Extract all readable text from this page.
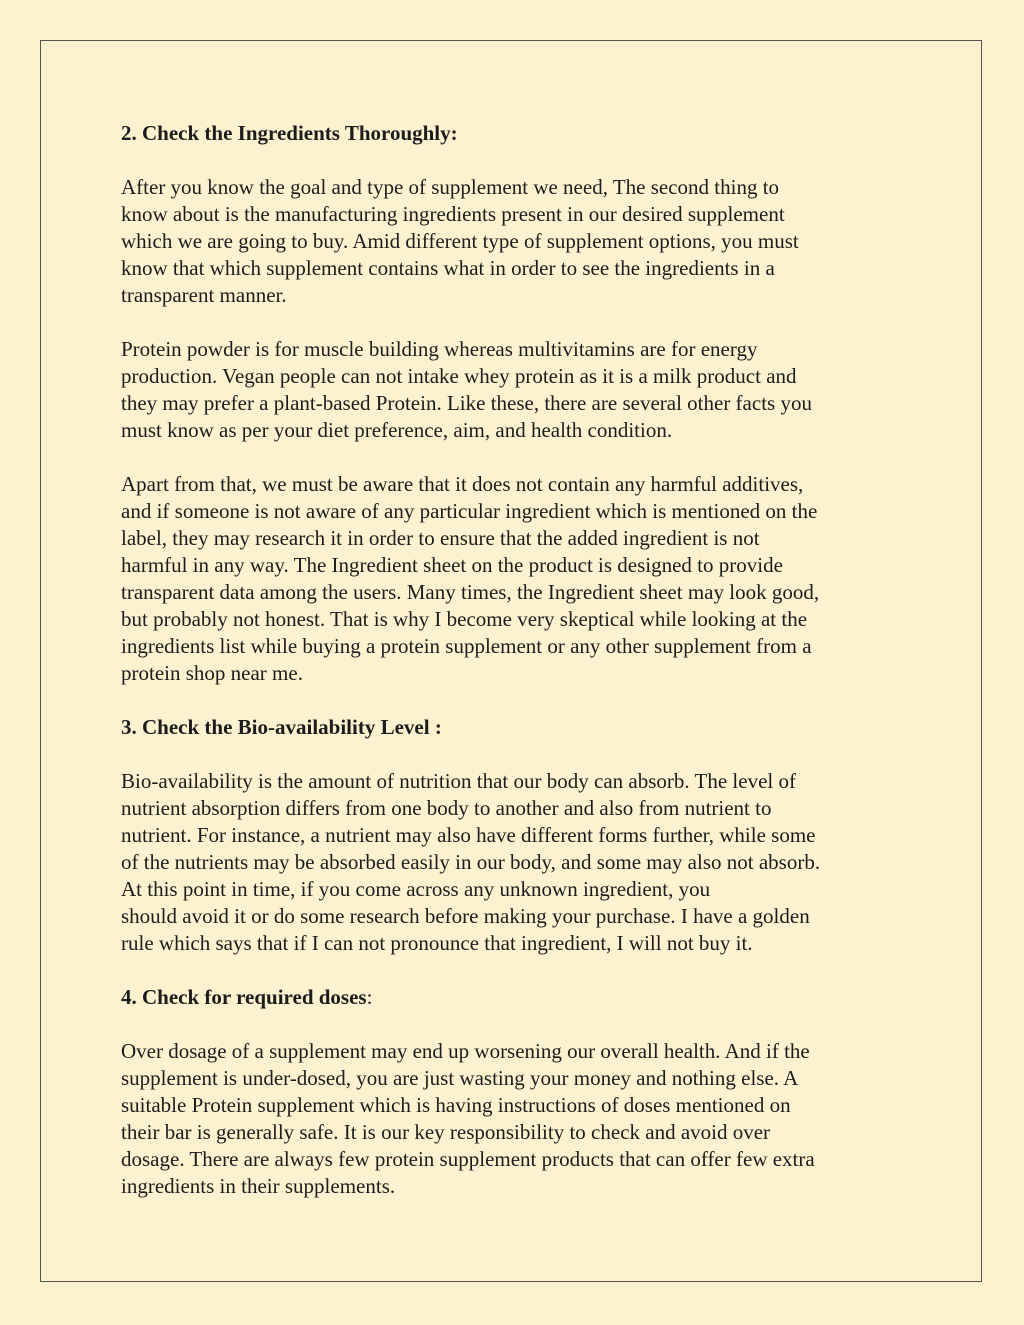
2. Check the Ingredients Thoroughly:
After you know the goal and type of supplement we need, The second thing to
know about is the manufacturing ingredients present in our desired supplement
which we are going to buy. Amid different type of supplement options, you must
know that which supplement contains what in order to see the ingredients in a
transparent manner.
Protein powder is for muscle building whereas multivitamins are for energy
production. Vegan people can not intake whey protein as it is a milk product and
they may prefer a plant-based Protein. Like these, there are several other facts you
must know as per your diet preference, aim, and health condition.
Apart from that, we must be aware that it does not contain any harmful additives,
and if someone is not aware of any particular ingredient which is mentioned on the
label, they may research it in order to ensure that the added ingredient is not
harmful in any way. The Ingredient sheet on the product is designed to provide
transparent data among the users. Many times, the Ingredient sheet may look good,
but probably not honest. That is why I become very skeptical while looking at the
ingredients list while buying a protein supplement or any other supplement from a
protein shop near me.
3. Check the Bio-availability Level :
Bio-availability is the amount of nutrition that our body can absorb. The level of
nutrient absorption differs from one body to another and also from nutrient to
nutrient. For instance, a nutrient may also have different forms further, while some
of the nutrients may be absorbed easily in our body, and some may also not absorb.
At this point in time, if you come across any unknown ingredient, you
should avoid it or do some research before making your purchase. I have a golden
rule which says that if I can not pronounce that ingredient, I will not buy it.
4. Check for required doses:
Over dosage of a supplement may end up worsening our overall health. And if the
supplement is under-dosed, you are just wasting your money and nothing else. A
suitable Protein supplement which is having instructions of doses mentioned on
their bar is generally safe. It is our key responsibility to check and avoid over
dosage. There are always few protein supplement products that can offer few extra
ingredients in their supplements.
